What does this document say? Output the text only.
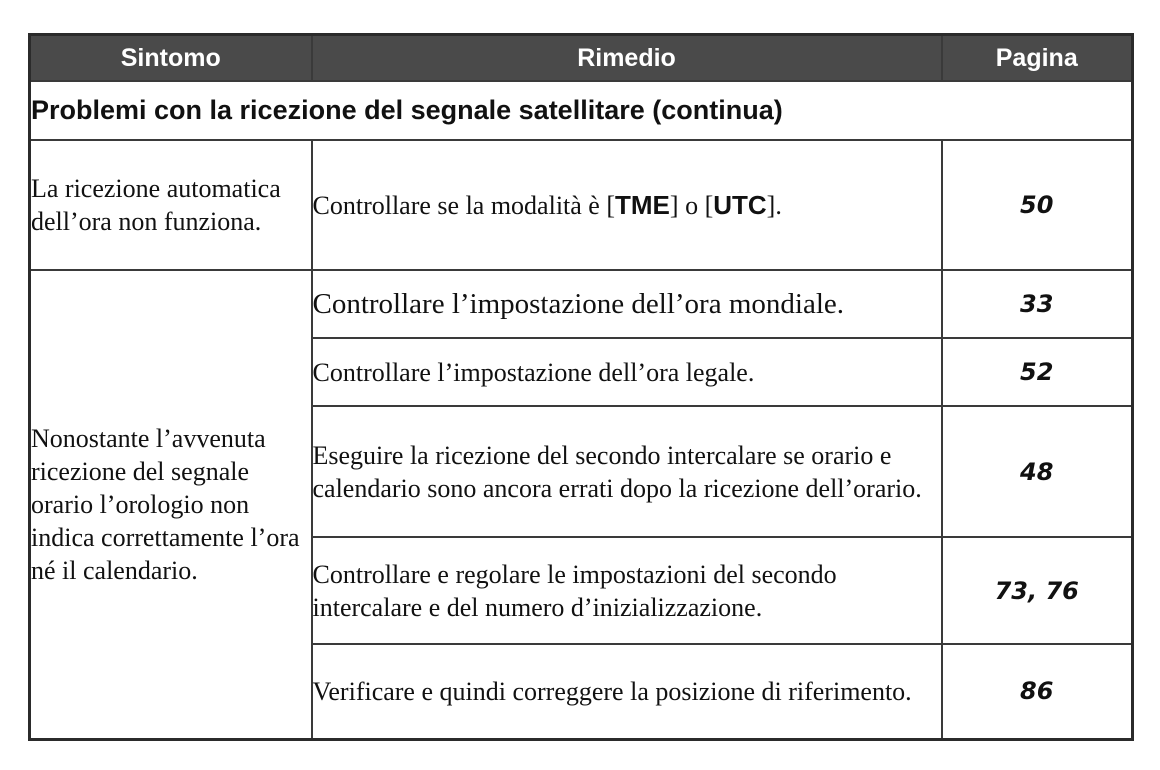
Sintomo	Rimedio	Pagina
Problemi con la ricezione del segnale satellitare (continua)		
La ricezione automatica dell’ora non funziona.	Controllare se la modalità è [TME] o [UTC].	50
Nonostante l’avvenuta ricezione del segnale orario l’orologio non indica correttamente l’ora né il calendario.	Controllare l’impostazione dell’ora mondiale.	33
	Controllare l’impostazione dell’ora legale.	52
	Eseguire la ricezione del secondo intercalare se orario e calendario sono ancora errati dopo la ricezione dell’orario.	48
	Controllare e regolare le impostazioni del secondo intercalare e del numero d’inizializzazione.	73, 76
	Verificare e quindi correggere la posizione di riferimento.	86
